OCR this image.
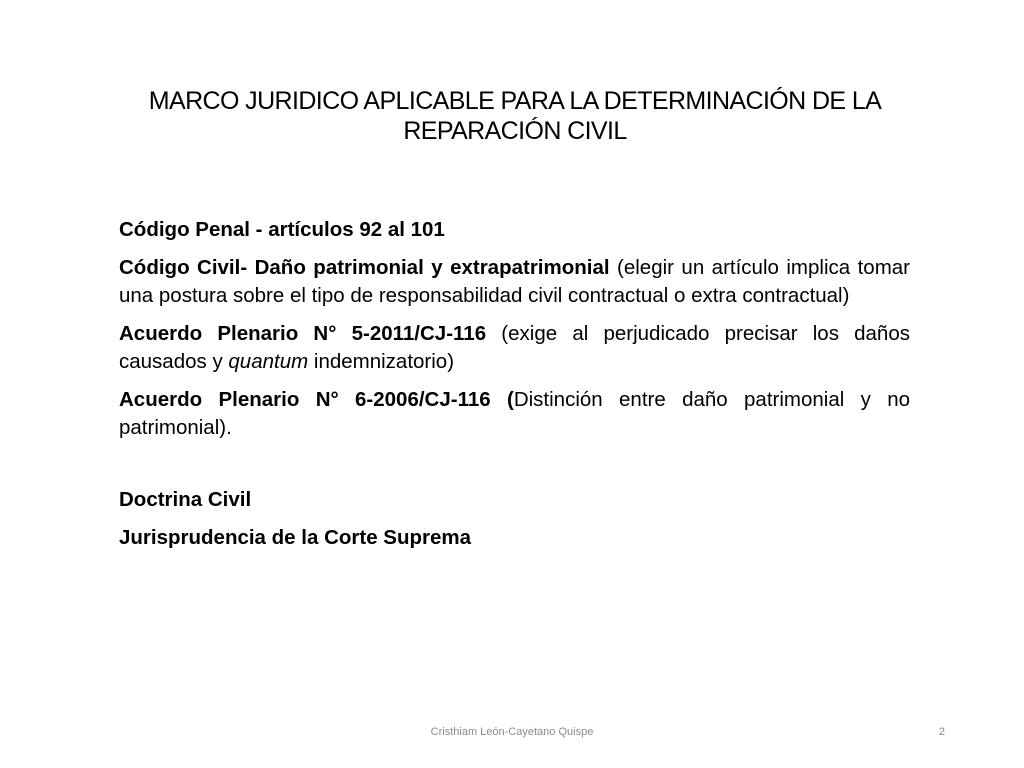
MARCO JURIDICO APLICABLE PARA LA DETERMINACIÓN DE LA
REPARACIÓN CIVIL

Código Penal - artículos 92 al 101

Código Civil- Daño patrimonial y extrapatrimonial (elegir un artículo implica tomar una postura sobre el tipo de responsabilidad civil contractual o extra contractual)

Acuerdo Plenario N° 5-2011/CJ-116 (exige al perjudicado precisar los daños causados y quantum indemnizatorio)

Acuerdo Plenario N° 6-2006/CJ-116 (Distinción entre daño patrimonial y no patrimonial).

Doctrina Civil

Jurisprudencia de la Corte Suprema

Cristhiam León-Cayetano Quispe	2
